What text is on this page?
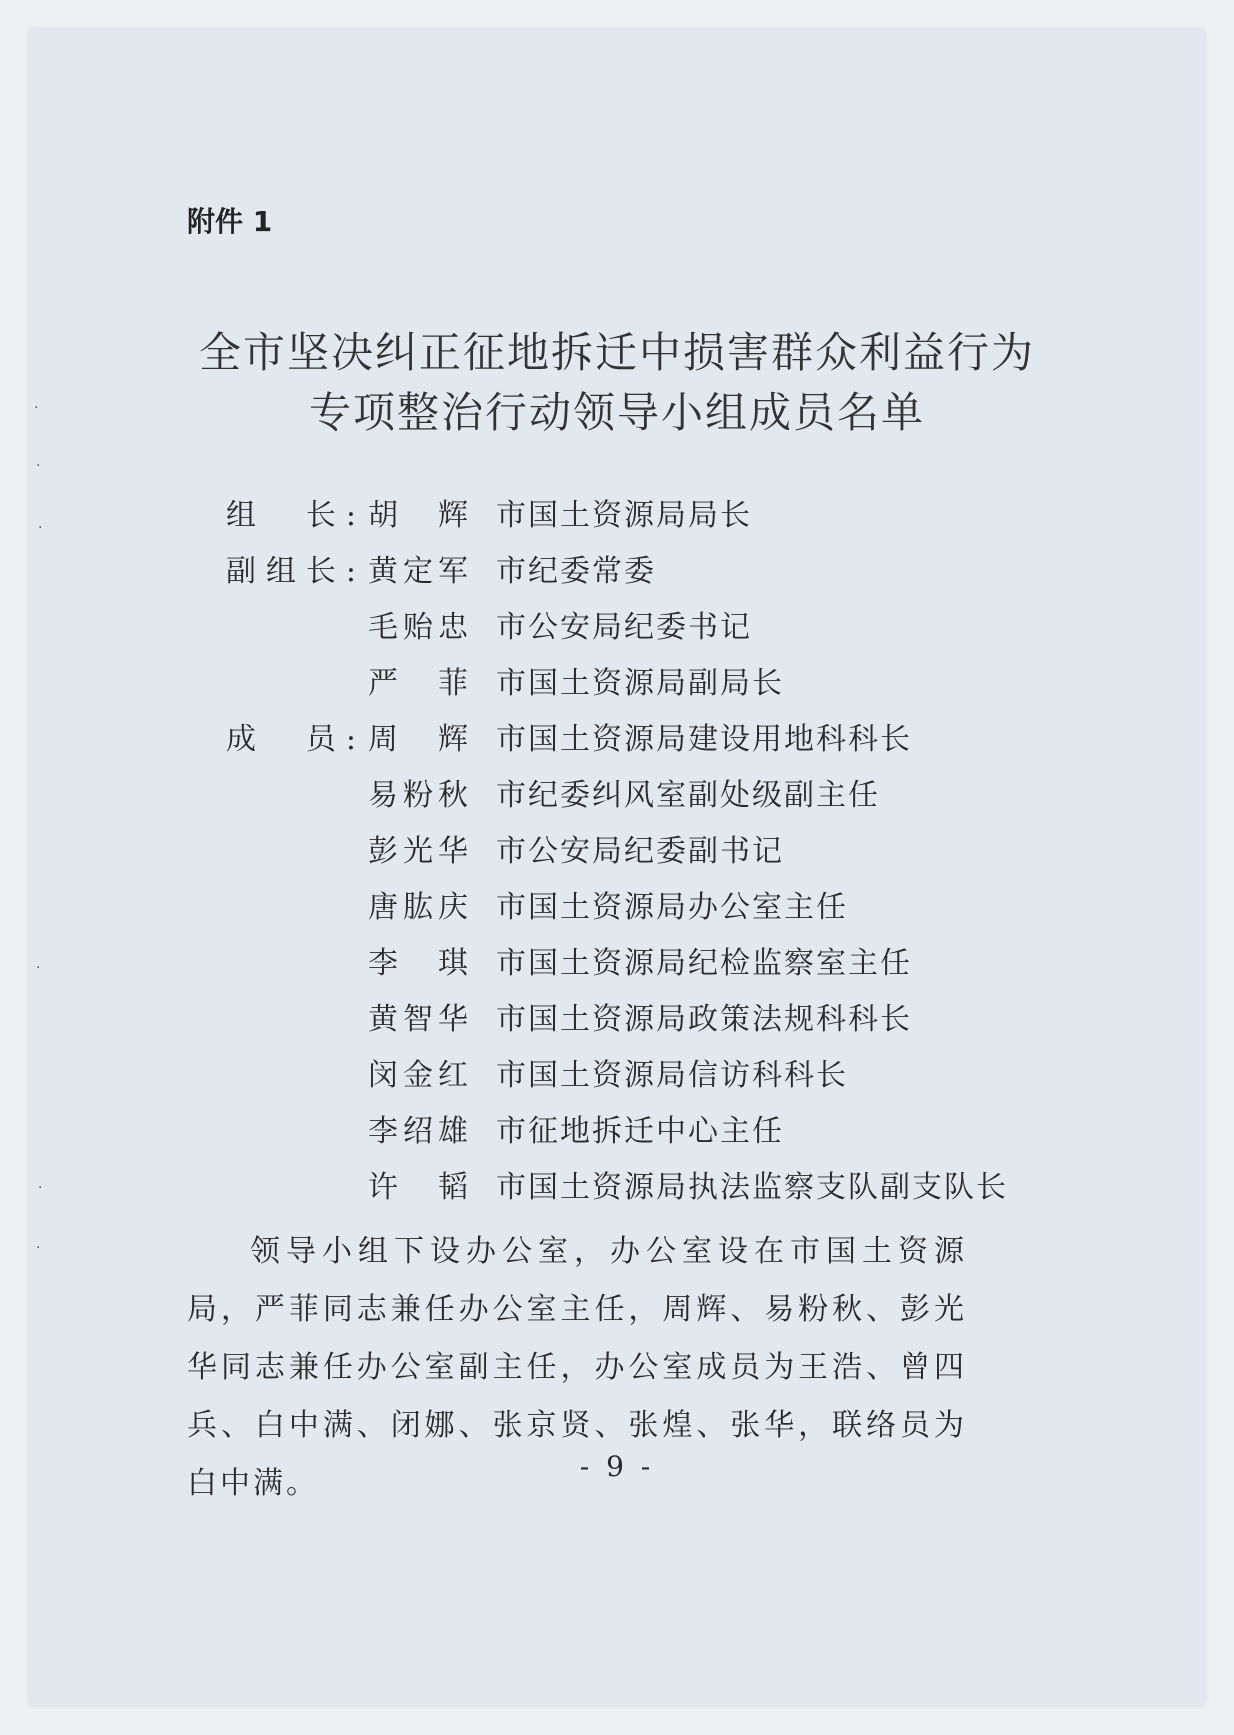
附件 1
全市坚决纠正征地拆迁中损害群众利益行为
专项整治行动领导小组成员名单
组　长: 胡　辉 市国土资源局局长
副组长: 黄定军 市纪委常委
毛贻忠 市公安局纪委书记
严　菲 市国土资源局副局长
成　员: 周　辉 市国土资源局建设用地科科长
易粉秋 市纪委纠风室副处级副主任
彭光华 市公安局纪委副书记
唐肱庆 市国土资源局办公室主任
李　琪 市国土资源局纪检监察室主任
黄智华 市国土资源局政策法规科科长
闵金红 市国土资源局信访科科长
李绍雄 市征地拆迁中心主任
许　韬 市国土资源局执法监察支队副支队长
领导小组下设办公室，办公室设在市国土资源局，严菲同志兼任办公室主任，周辉、易粉秋、彭光华同志兼任办公室副主任，办公室成员为王浩、曾四兵、白中满、闭娜、张京贤、张煌、张华，联络员为白中满。	- 9 -
·
·
·
·
·
·
